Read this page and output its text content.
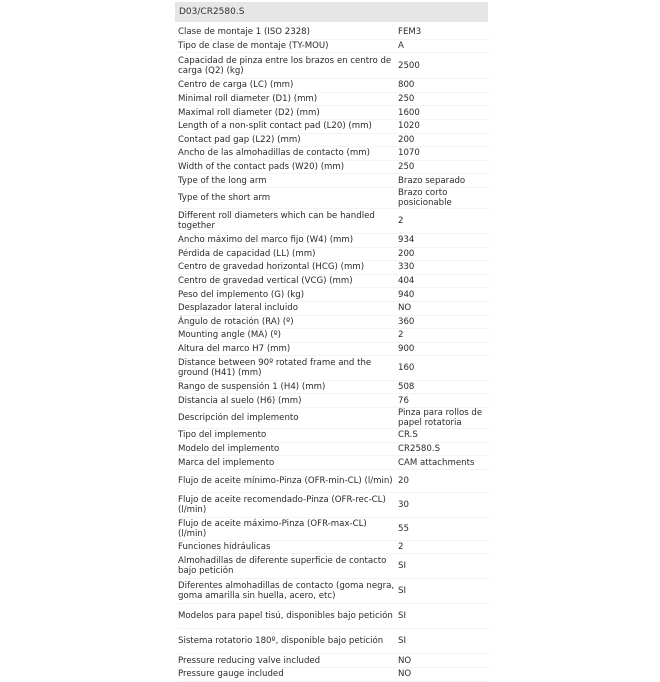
D03/CR2580.S
Clase de montaje 1 (ISO 2328)	FEM3
Tipo de clase de montaje (TY-MOU)	A
Capacidad de pinza entre los brazos en centro de carga (Q2) (kg)	2500
Centro de carga (LC) (mm)	800
Minimal roll diameter (D1) (mm)	250
Maximal roll diameter (D2) (mm)	1600
Length of a non-split contact pad (L20) (mm)	1020
Contact pad gap (L22) (mm)	200
Ancho de las almohadillas de contacto (mm)	1070
Width of the contact pads (W20) (mm)	250
Type of the long arm	Brazo separado
Type of the short arm	Brazo corto posicionable
Different roll diameters which can be handled together	2
Ancho máximo del marco fijo (W4) (mm)	934
Pérdida de capacidad (LL) (mm)	200
Centro de gravedad horizontal (HCG) (mm)	330
Centro de gravedad vertical (VCG) (mm)	404
Peso del implemento (G) (kg)	940
Desplazador lateral incluido	NO
Ángulo de rotación (RA) (º)	360
Mounting angle (MA) (º)	2
Altura del marco H7 (mm)	900
Distance between 90º rotated frame and the ground (H41) (mm)	160
Rango de suspensión 1 (H4) (mm)	508
Distancia al suelo (H6) (mm)	76
Descripción del implemento	Pinza para rollos de papel rotatoria
Tipo del implemento	CR.S
Modelo del implemento	CR2580.S
Marca del implemento	CAM attachments
Flujo de aceite mínimo-Pinza (OFR-min-CL) (l/min) 20
Flujo de aceite recomendado-Pinza (OFR-rec-CL) (l/min)	30
Flujo de aceite máximo-Pinza (OFR-max-CL) (l/min)	55
Funciones hidráulicas	2
Almohadillas de diferente superficie de contacto bajo petición	SI
Diferentes almohadillas de contacto (goma negra, goma amarilla sin huella, acero, etc)	SI
Modelos para papel tisú, disponibles bajo petición SI
Sistema rotatorio 180º, disponible bajo petición	SI
Pressure reducing valve included	NO
Pressure gauge included	NO
